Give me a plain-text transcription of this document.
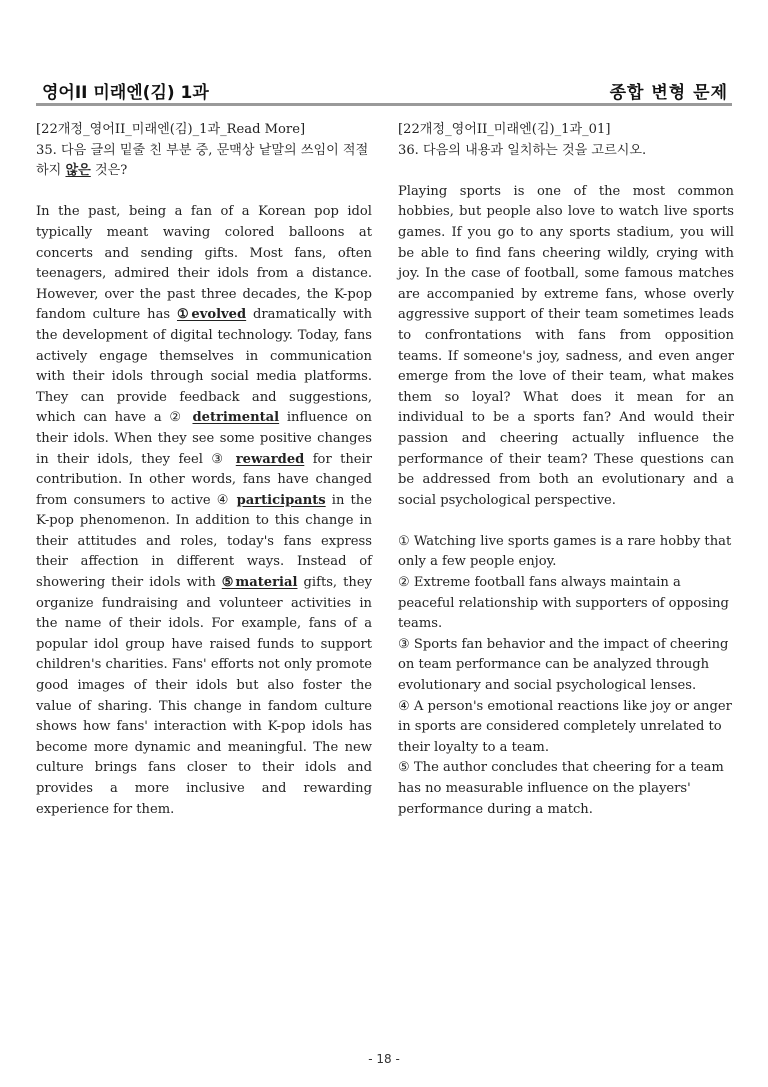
영어II 미래엔(김) 1과	종합 변형 문제
[22개정_영어II_미래엔(김)_1과_Read More]
35. 다음 글의 밑줄 친 부분 중, 문맥상 낱말의 쓰임이 적절하지 않은 것은?
In the past, being a fan of a Korean pop idol typically meant waving colored balloons at concerts and sending gifts. Most fans, often teenagers, admired their idols from a distance. However, over the past three decades, the K-pop fandom culture has ①evolved dramatically with the development of digital technology. Today, fans actively engage themselves in communication with their idols through social media platforms. They can provide feedback and suggestions, which can have a ② detrimental influence on their idols. When they see some positive changes in their idols, they feel ③ rewarded for their contribution. In other words, fans have changed from consumers to active ④ participants in the K-pop phenomenon. In addition to this change in their attitudes and roles, today's fans express their affection in different ways. Instead of showering their idols with ⑤material gifts, they organize fundraising and volunteer activities in the name of their idols. For example, fans of a popular idol group have raised funds to support children's charities. Fans' efforts not only promote good images of their idols but also foster the value of sharing. This change in fandom culture shows how fans' interaction with K-pop idols has become more dynamic and meaningful. The new culture brings fans closer to their idols and provides a more inclusive and rewarding experience for them.
[22개정_영어II_미래엔(김)_1과_01]
36. 다음의 내용과 일치하는 것을 고르시오.
Playing sports is one of the most common hobbies, but people also love to watch live sports games. If you go to any sports stadium, you will be able to find fans cheering wildly, crying with joy. In the case of football, some famous matches are accompanied by extreme fans, whose overly aggressive support of their team sometimes leads to confrontations with fans from opposition teams. If someone's joy, sadness, and even anger emerge from the love of their team, what makes them so loyal? What does it mean for an individual to be a sports fan? And would their passion and cheering actually influence the performance of their team? These questions can be addressed from both an evolutionary and a social psychological perspective.
① Watching live sports games is a rare hobby that only a few people enjoy.
② Extreme football fans always maintain a peaceful relationship with supporters of opposing teams.
③ Sports fan behavior and the impact of cheering on team performance can be analyzed through evolutionary and social psychological lenses.
④ A person's emotional reactions like joy or anger in sports are considered completely unrelated to their loyalty to a team.
⑤ The author concludes that cheering for a team has no measurable influence on the players' performance during a match.
- 18 -
